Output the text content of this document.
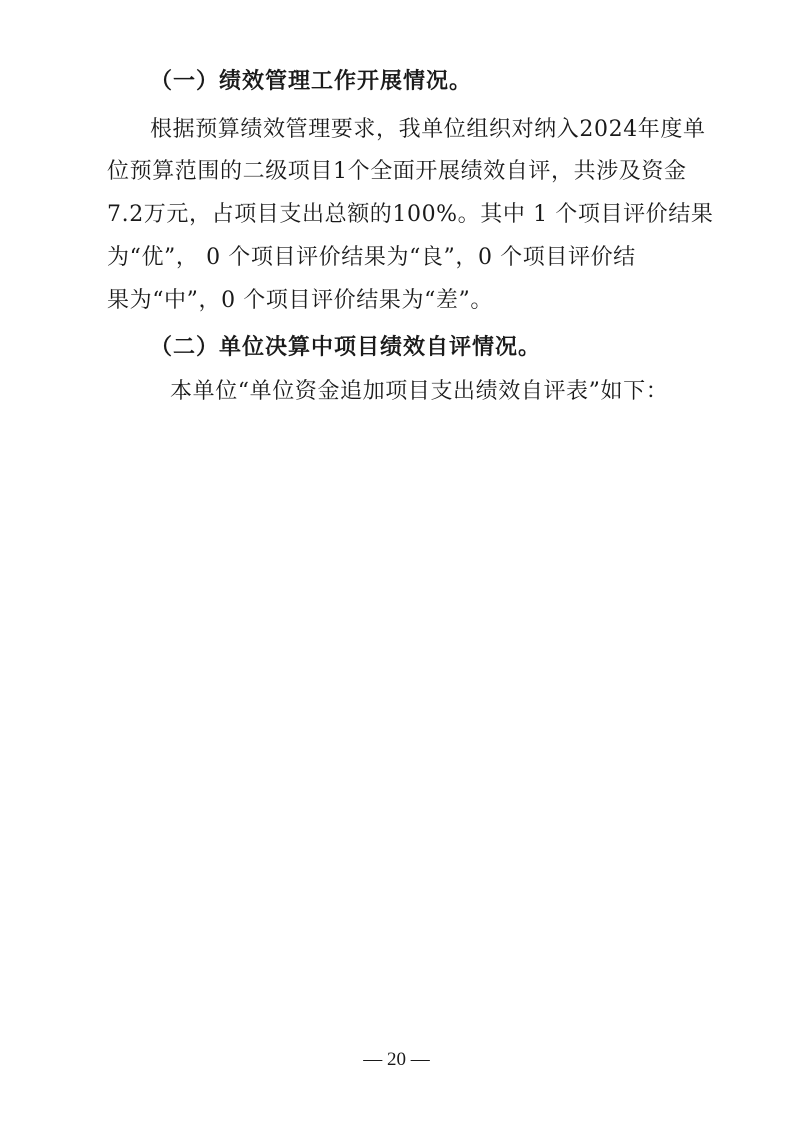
（一）绩效管理工作开展情况。
根据预算绩效管理要求，我单位组织对纳入2024年度单
位预算范围的二级项目1个全面开展绩效自评，共涉及资金
7.2万元，占项目支出总额的100%。其中 1 个项目评价结果
为“优”， 0 个项目评价结果为“良”，0 个项目评价结
果为“中”，0 个项目评价结果为“差”。
（二）单位决算中项目绩效自评情况。
本单位“单位资金追加项目支出绩效自评表”如下：
— 20 —
